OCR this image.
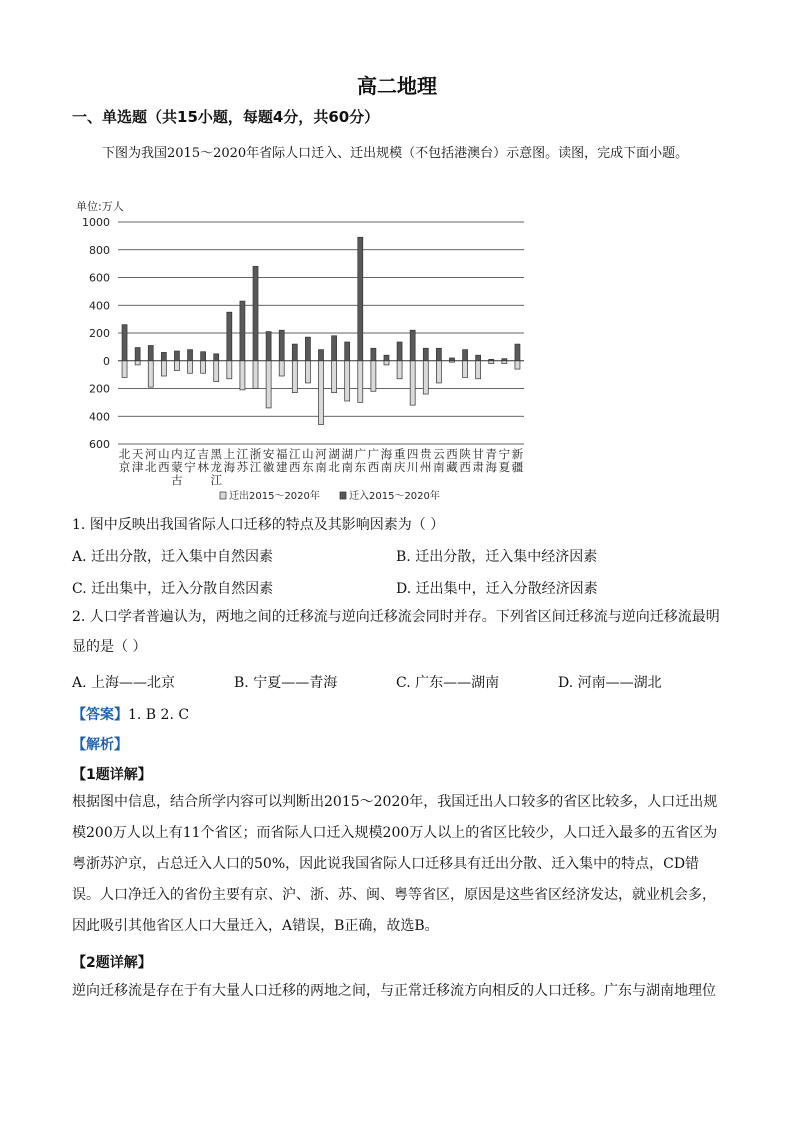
高二地理
一、单选题（共15小题，每题4分，共60分）
下图为我国2015～2020年省际人口迁入、迁出规模（不包括港澳台）示意图。读图，完成下面小题。
单位:万人
1000
800
600
400
200
0
200
400
600
北京
天津
河北
山西
内蒙古
辽宁
吉林
黑龙江
上海
江苏
浙江
安徽
福建
江西
山东
河南
湖北
湖南
广东
广西
海南
重庆
四川
贵州
云南
西藏
陕西
甘肃
青海
宁夏
新疆
迁出2015～2020年	迁入2015～2020年
1. 图中反映出我国省际人口迁移的特点及其影响因素为（ ）
A. 迁出分散，迁入集中自然因素	B. 迁出分散，迁入集中经济因素
C. 迁出集中，迁入分散自然因素	D. 迁出集中，迁入分散经济因素
2. 人口学者普遍认为，两地之间的迁移流与逆向迁移流会同时并存。下列省区间迁移流与逆向迁移流最明显的是（ ）
A. 上海——北京	B. 宁夏——青海	C. 广东——湖南	D. 河南——湖北
【答案】1. B 2. C
【解析】
【1题详解】
根据图中信息，结合所学内容可以判断出2015～2020年，我国迁出人口较多的省区比较多，人口迁出规模200万人以上有11个省区；而省际人口迁入规模200万人以上的省区比较少，人口迁入最多的五省区为粤浙苏沪京，占总迁入人口的50%，因此说我国省际人口迁移具有迁出分散、迁入集中的特点，CD错误。人口净迁入的省份主要有京、沪、浙、苏、闽、粤等省区，原因是这些省区经济发达，就业机会多，因此吸引其他省区人口大量迁入，A错误，B正确，故选B。
【2题详解】
逆向迁移流是存在于有大量人口迁移的两地之间，与正常迁移流方向相反的人口迁移。广东与湖南地理位
